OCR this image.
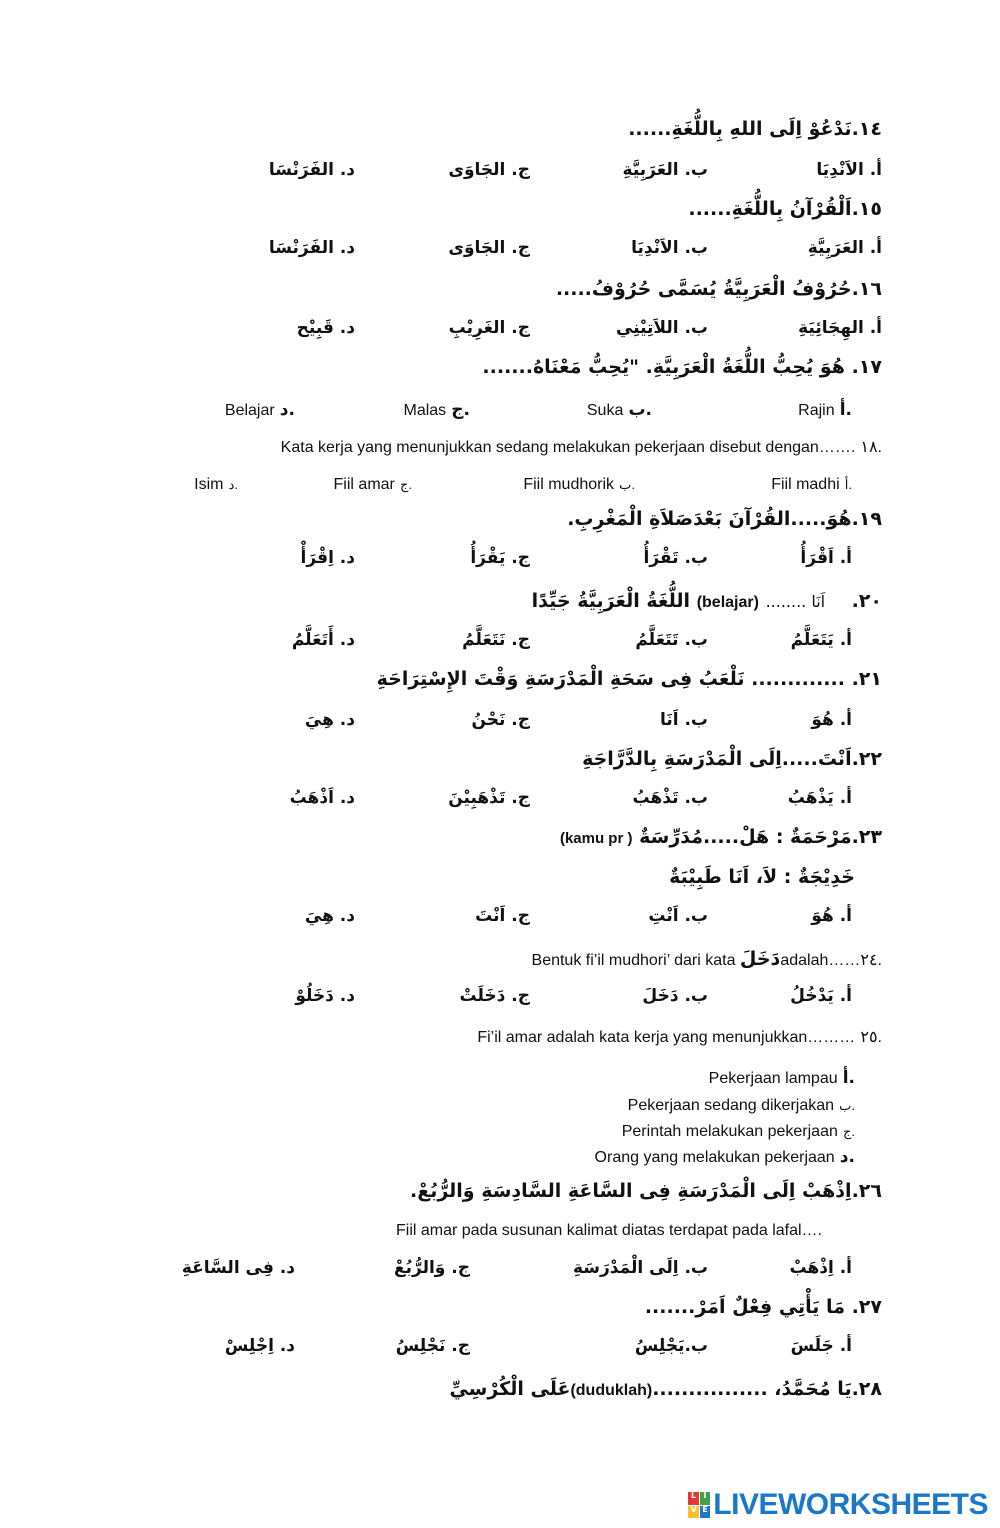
١٤.نَدْعُوْ اِلَى اللهِ بِاللُّغَةِ......
أ. الاَنْدِيَا
ب. العَرَبِيَّةِ
ج. الجَاوَى
د. الفَرَنْسَا
١٥.اَلْقُرْآنُ بِاللُّغَةِ......
أ. العَرَبِيَّةِ
ب. الاَنْدِيَا
ج. الجَاوَى
د. الفَرَنْسَا
١٦.حُرُوْفُ الْعَرَبِيَّةُ يُسَمَّى حُرُوْفُ.....
أ. الهِجَائِيَةِ
ب. اللاَتِيْنِي
ج. الغَرِيْبِ
د. قَبِيْح
١٧. هُوَ يُحِبُّ اللُّغَةُ الْعَرَبِيَّةِ. "يُحِبُّ مَعْنَاهُ.......
Rajin أ.
Suka ب.
Malas ج.
Belajar د.
Kata kerja yang menunjukkan sedang melakukan pekerjaan disebut dengan……. ١٨.
Fiil madhi أ.
Fiil mudhorik ب.
Fiil amar ج.
Isim د.
١٩.هُوَ.....القُرْآنَ بَعْدَصَلاَةِ الْمَغْرِبِ.
أ. اَقْرَأُ
ب. تَقْرَأُ
ج. يَقْرَأُ
د. اِقْرَأْ
٢٠.    اَنَا ........ (belajar) اللُّغَةُ الْعَرَبِيَّةُ جَيِّدًا
أ. يَتَعَلَّمُ
ب. تَتَعَلَّمُ
ج. نَتَعَلَّمُ
د. أَتَعَلَّمُ
٢١. ............. نَلْعَبُ فِى سَحَةِ الْمَدْرَسَةِ وَقْتَ الإِسْتِرَاحَةِ
أ. هُوَ
ب. اَنَا
ج. نَحْنُ
د. هِيَ
٢٢.اَنْتَ.....اِلَى الْمَدْرَسَةِ بِالدَّرَّاجَةِ
أ. يَذْهَبُ
ب. تَذْهَبُ
ج. تَذْهَبِيْنَ
د. اَذْهَبُ
٢٣.مَرْحَمَةٌ : هَلْ.....مُدَرِّسَةٌ ( kamu pr)
خَدِيْجَةٌ : لاَ، اَنَا طَبِيْبَةٌ
أ. هُوَ
ب. اَنْتِ
ج. اَنْتَ
د. هِيَ
Bentuk fi’il mudhori’ dari kata دَخَلَadalah……٢٤.
أ. يَدْخُلُ
ب. دَخَلَ
ج. دَخَلَتْ
د. دَخَلُوْ
Fi’il amar adalah kata kerja yang menunjukkan……… ٢٥.
Pekerjaan lampau أ.
Pekerjaan sedang dikerjakan ب.
Perintah melakukan pekerjaan ج.
Orang yang melakukan pekerjaan د.
٢٦.اِذْهَبْ اِلَى الْمَدْرَسَةِ فِى السَّاعَةِ السَّادِسَةِ وَالرُّبُعْ.
Fiil amar pada susunan kalimat diatas terdapat pada lafal….
أ. اِذْهَبْ
ب. اِلَى الْمَدْرَسَةِ
ج. وَالرُّبُعْ
د. فِى السَّاعَةِ
٢٧. مَا يَأْتِي فِعْلٌ اَمَرْ.......
أ. جَلَسَ
ب.يَجْلِسُ
ج. نَجْلِسُ
د. اِجْلِسْ
٢٨.يَا مُحَمَّدُ، ................(duduklah)عَلَى الْكُرْسِيِّ
L I
V E LIVEWORKSHEETS
